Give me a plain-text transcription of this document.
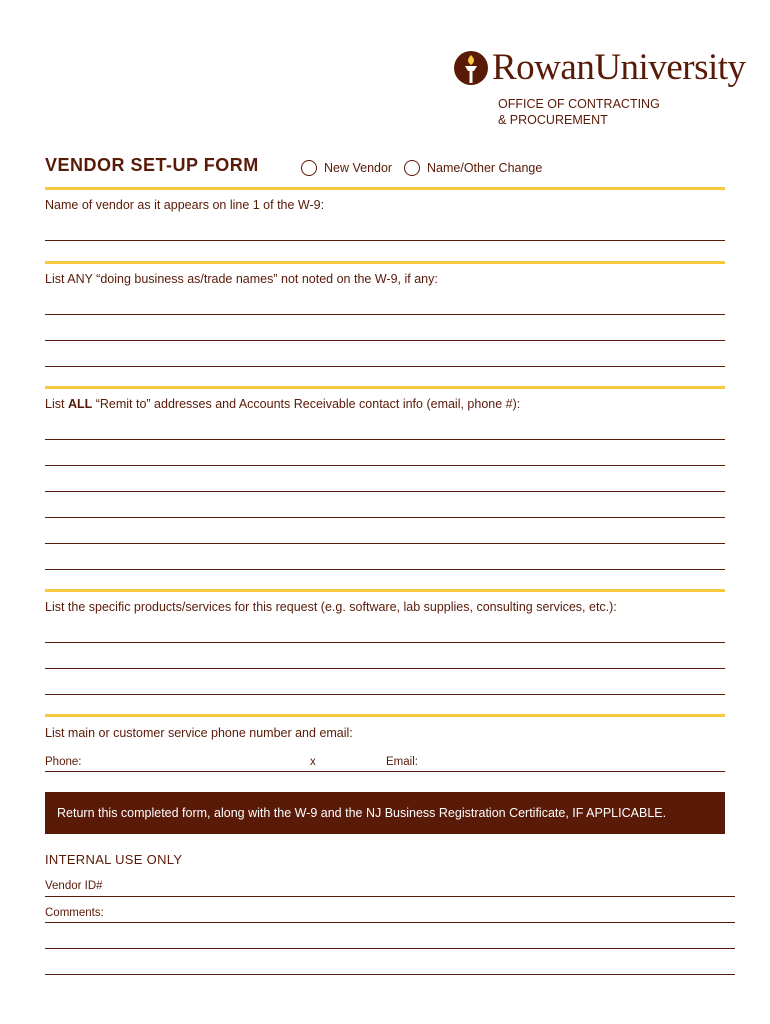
RowanUniversity
OFFICE OF CONTRACTING
& PROCUREMENT
VENDOR SET-UP FORM	New Vendor	Name/Other Change
Name of vendor as it appears on line 1 of the W-9:
List ANY “doing business as/trade names” not noted on the W-9, if any:
List ALL “Remit to” addresses and Accounts Receivable contact info (email, phone #):
List the specific products/services for this request (e.g. software, lab supplies, consulting services, etc.):
List main or customer service phone number and email:
Phone:	x	Email:
Return this completed form, along with the W-9 and the NJ Business Registration Certificate, IF APPLICABLE.
INTERNAL USE ONLY
Vendor ID#
Comments:
